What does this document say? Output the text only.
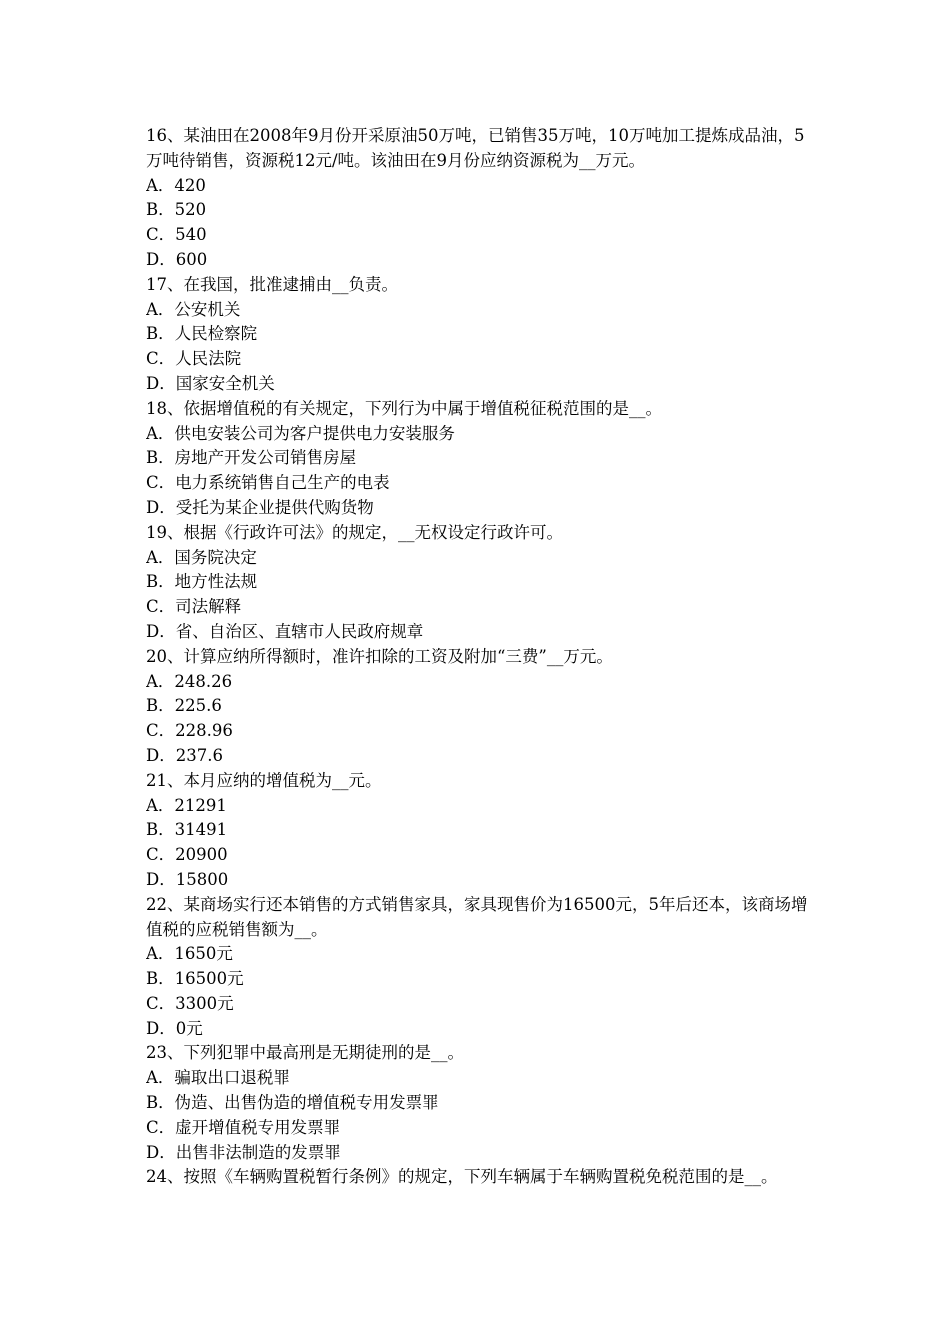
16、某油田在2008年9月份开采原油50万吨，已销售35万吨，10万吨加工提炼成品油，5万吨待销售，资源税12元/吨。该油田在9月份应纳资源税为__万元。
A．420
B．520
C．540
D．600
17、在我国，批准逮捕由__负责。
A．公安机关
B．人民检察院
C．人民法院
D．国家安全机关
18、依据增值税的有关规定，下列行为中属于增值税征税范围的是__。
A．供电安装公司为客户提供电力安装服务
B．房地产开发公司销售房屋
C．电力系统销售自己生产的电表
D．受托为某企业提供代购货物
19、根据《行政许可法》的规定，__无权设定行政许可。
A．国务院决定
B．地方性法规
C．司法解释
D．省、自治区、直辖市人民政府规章
20、计算应纳所得额时，准许扣除的工资及附加“三费”__万元。
A．248.26
B．225.6
C．228.96
D．237.6
21、本月应纳的增值税为__元。
A．21291
B．31491
C．20900
D．15800
22、某商场实行还本销售的方式销售家具，家具现售价为16500元，5年后还本，该商场增值税的应税销售额为__。
A．1650元
B．16500元
C．3300元
D．0元
23、下列犯罪中最高刑是无期徒刑的是__。
A．骗取出口退税罪
B．伪造、出售伪造的增值税专用发票罪
C．虚开增值税专用发票罪
D．出售非法制造的发票罪
24、按照《车辆购置税暂行条例》的规定，下列车辆属于车辆购置税免税范围的是__。
